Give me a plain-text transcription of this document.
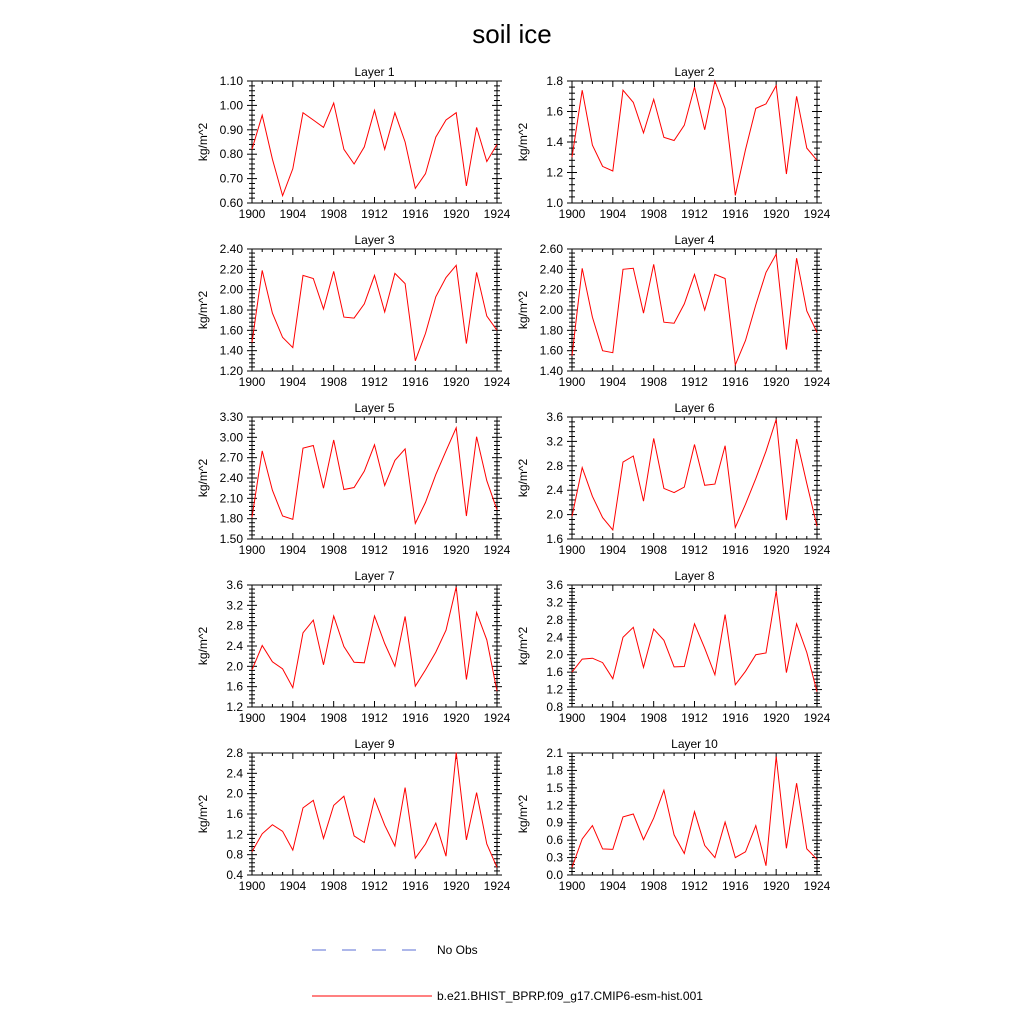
soil ice
Layer 1
kg/m^2
1900 1904 1908 1912 1916 1920 1924
0.60
0.70
0.80
0.90
1.00
1.10
Layer 2
kg/m^2
1900 1904 1908 1912 1916 1920 1924
1.0
1.2
1.4
1.6
1.8
Layer 3
kg/m^2
1900 1904 1908 1912 1916 1920 1924
1.20
1.40
1.60
1.80
2.00
2.20
2.40
Layer 4
kg/m^2
1900 1904 1908 1912 1916 1920 1924
1.40
1.60
1.80
2.00
2.20
2.40
2.60
Layer 5
kg/m^2
1900 1904 1908 1912 1916 1920 1924
1.50
1.80
2.10
2.40
2.70
3.00
3.30
Layer 6
kg/m^2
1900 1904 1908 1912 1916 1920 1924
1.6
2.0
2.4
2.8
3.2
3.6
Layer 7
kg/m^2
1900 1904 1908 1912 1916 1920 1924
1.2
1.6
2.0
2.4
2.8
3.2
3.6
Layer 8
kg/m^2
1900 1904 1908 1912 1916 1920 1924
0.8
1.2
1.6
2.0
2.4
2.8
3.2
3.6
Layer 9
kg/m^2
1900 1904 1908 1912 1916 1920 1924
0.4
0.8
1.2
1.6
2.0
2.4
2.8
Layer 10
kg/m^2
1900 1904 1908 1912 1916 1920 1924
0.0
0.3
0.6
0.9
1.2
1.5
1.8
2.1
No Obs
b.e21.BHIST_BPRP.f09_g17.CMIP6-esm-hist.001
